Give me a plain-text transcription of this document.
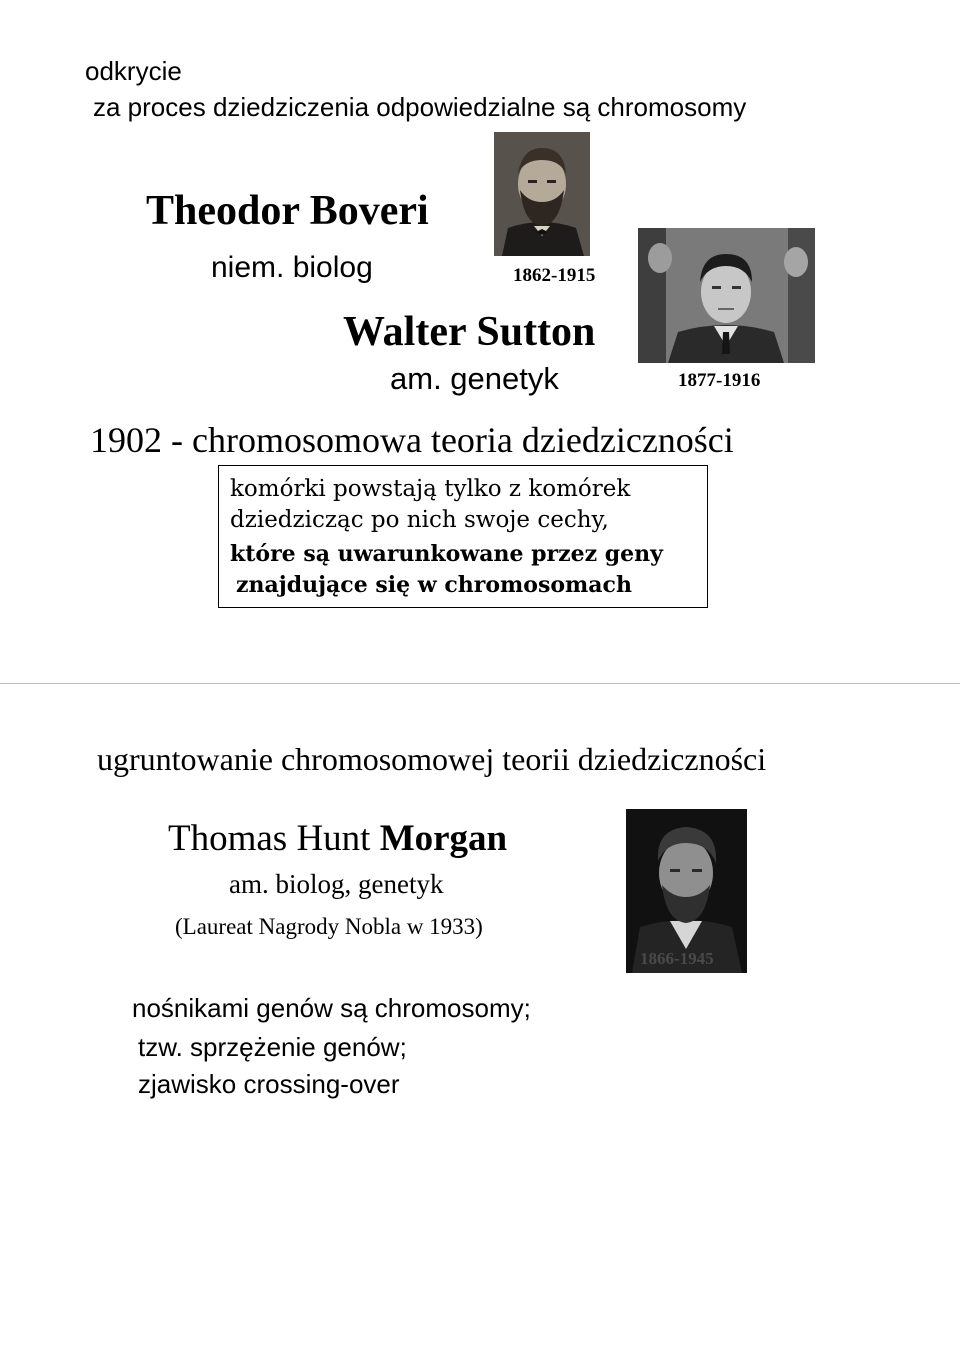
odkrycie
za proces dziedziczenia odpowiedzialne są chromosomy
Theodor Boveri
niem. biolog	1862-1915
Walter Sutton
am. genetyk	1877-1916
1902 - chromosomowa teoria dziedziczności
komórki powstają tylko z komórek
dziedzicząc po nich swoje cechy,
które są uwarunkowane przez geny
znajdujące się w chromosomach
ugruntowanie chromosomowej teorii dziedziczności
Thomas Hunt Morgan
am. biolog, genetyk
(Laureat Nagrody Nobla w 1933)
1866-1945
nośnikami genów są chromosomy;
tzw. sprzężenie genów;
zjawisko crossing-over
